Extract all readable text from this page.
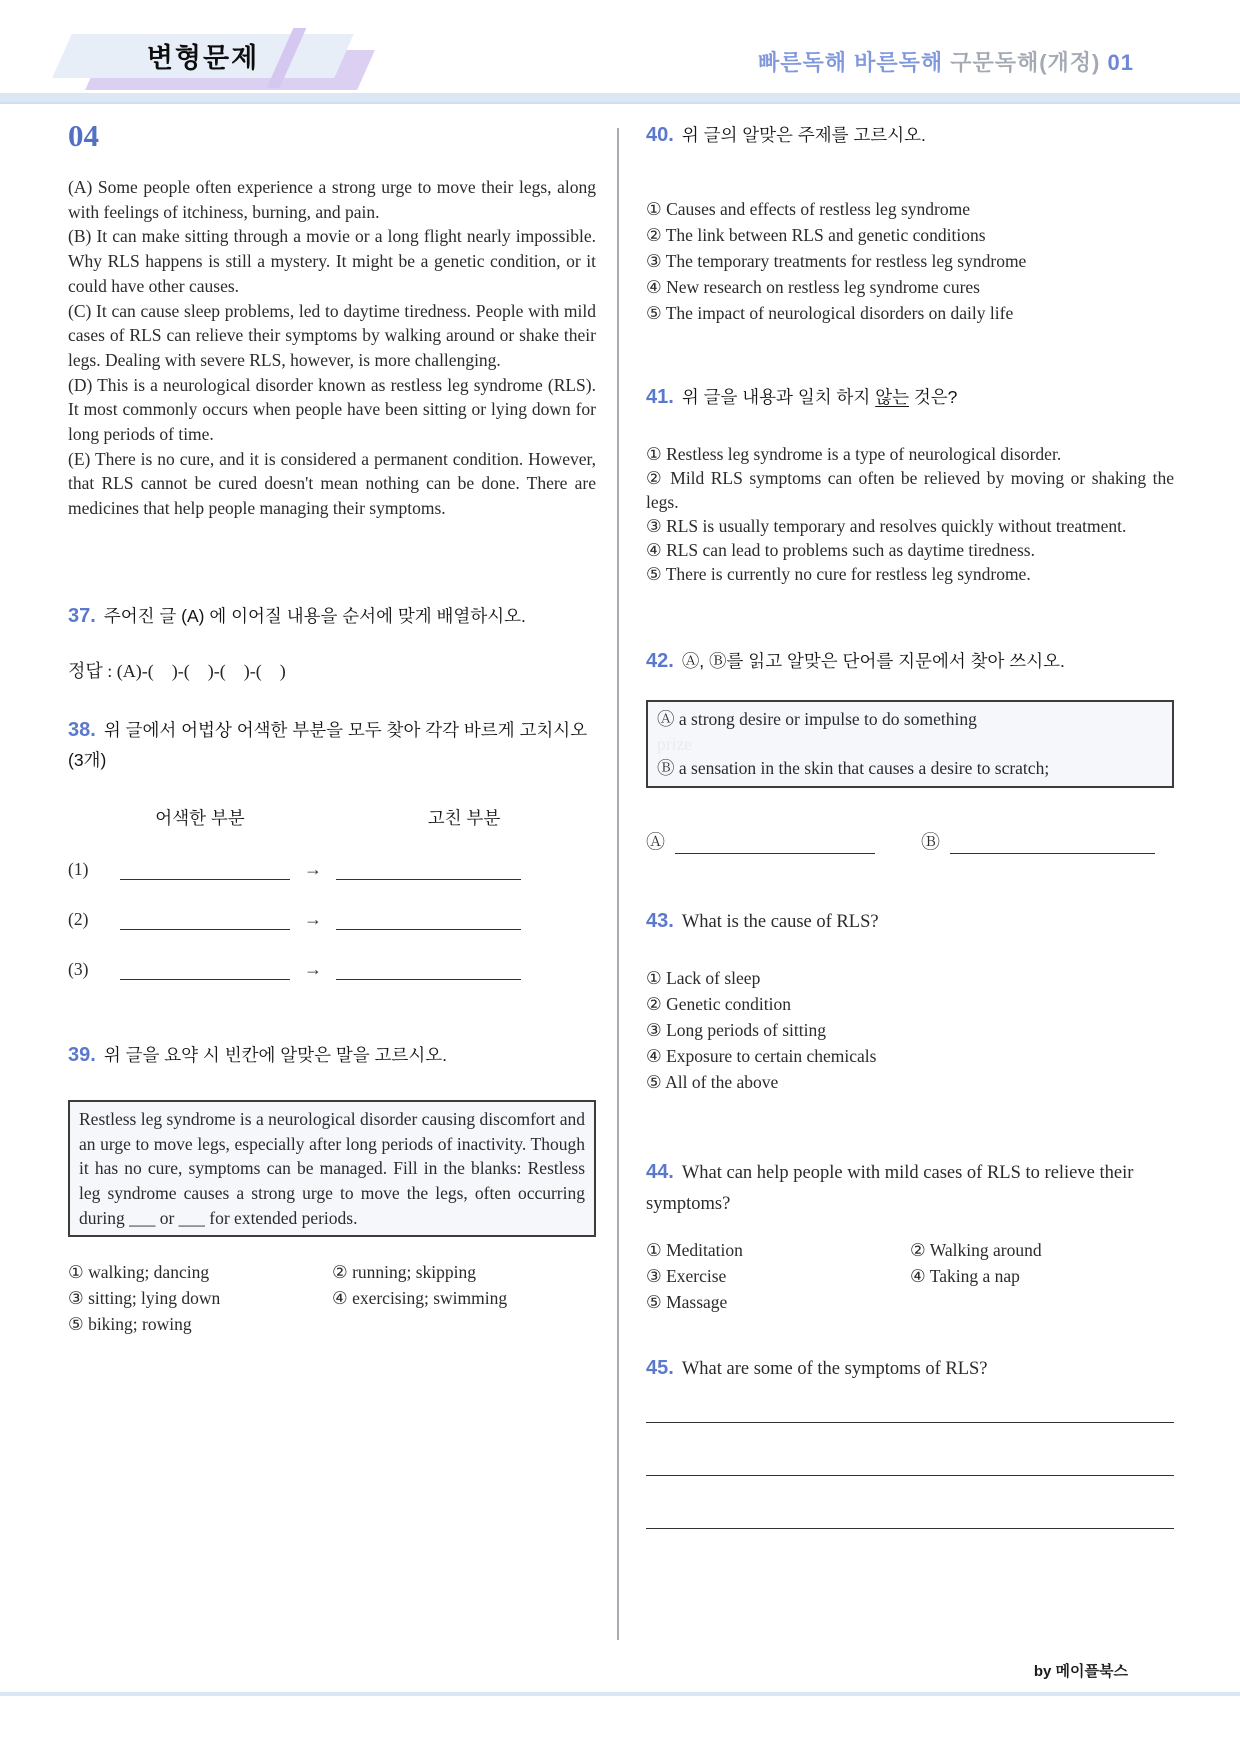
변형문제	빠른독해 바른독해 구문독해(개정) 01
04

(A) Some people often experience a strong urge to move their legs, along with feelings of itchiness, burning, and pain.

(B) It can make sitting through a movie or a long flight nearly impossible. Why RLS happens is still a mystery. It might be a genetic condition, or it could have other causes.

(C) It can cause sleep problems, led to daytime tiredness. People with mild cases of RLS can relieve their symptoms by walking around or shake their legs. Dealing with severe RLS, however, is more challenging.

(D) This is a neurological disorder known as restless leg syndrome (RLS). It most commonly occurs when people have been sitting or lying down for long periods of time.

(E) There is no cure, and it is considered a permanent condition. However, that RLS cannot be cured doesn't mean nothing can be done. There are medicines that help people managing their symptoms.

37. 주어진 글 (A) 에 이어질 내용을 순서에 맞게 배열하시오.
정답 : (A)-(    )-(    )-(    )-(    )
38. 위 글에서 어법상 어색한 부분을 모두 찾아 각각 바르게 고치시오 (3개)
어색한 부분	고친 부분
(1)	→
(2)	→
(3)	→
39. 위 글을 요약 시 빈칸에 알맞은 말을 고르시오.
Restless leg syndrome is a neurological disorder causing discomfort and an urge to move legs, especially after long periods of inactivity. Though it has no cure, symptoms can be managed. Fill in the blanks: Restless leg syndrome causes a strong urge to move the legs, often occurring during ___ or ___ for extended periods.
① walking; dancing	② running; skipping
③ sitting; lying down	④ exercising; swimming
⑤ biking; rowing
40. 위 글의 알맞은 주제를 고르시오.
① Causes and effects of restless leg syndrome
② The link between RLS and genetic conditions
③ The temporary treatments for restless leg syndrome
④ New research on restless leg syndrome cures
⑤ The impact of neurological disorders on daily life
41. 위 글을 내용과 일치 하지 않는 것은?

① Restless leg syndrome is a type of neurological disorder.

② Mild RLS symptoms can often be relieved by moving or shaking the legs.

③ RLS is usually temporary and resolves quickly without treatment.

④ RLS can lead to problems such as daytime tiredness.

⑤ There is currently no cure for restless leg syndrome.

42. Ⓐ, Ⓑ를 읽고 알맞은 단어를 지문에서 찾아 쓰시오.
Ⓐ a strong desire or impulse to do something
prize
Ⓑ a sensation in the skin that causes a desire to scratch;
Ⓐ	Ⓑ
43. What is the cause of RLS?
① Lack of sleep
② Genetic condition
③ Long periods of sitting
④ Exposure to certain chemicals
⑤ All of the above
44. What can help people with mild cases of RLS to relieve their symptoms?
① Meditation	② Walking around
③ Exercise	④ Taking a nap
⑤ Massage
45. What are some of the symptoms of RLS?
by 메이플북스
